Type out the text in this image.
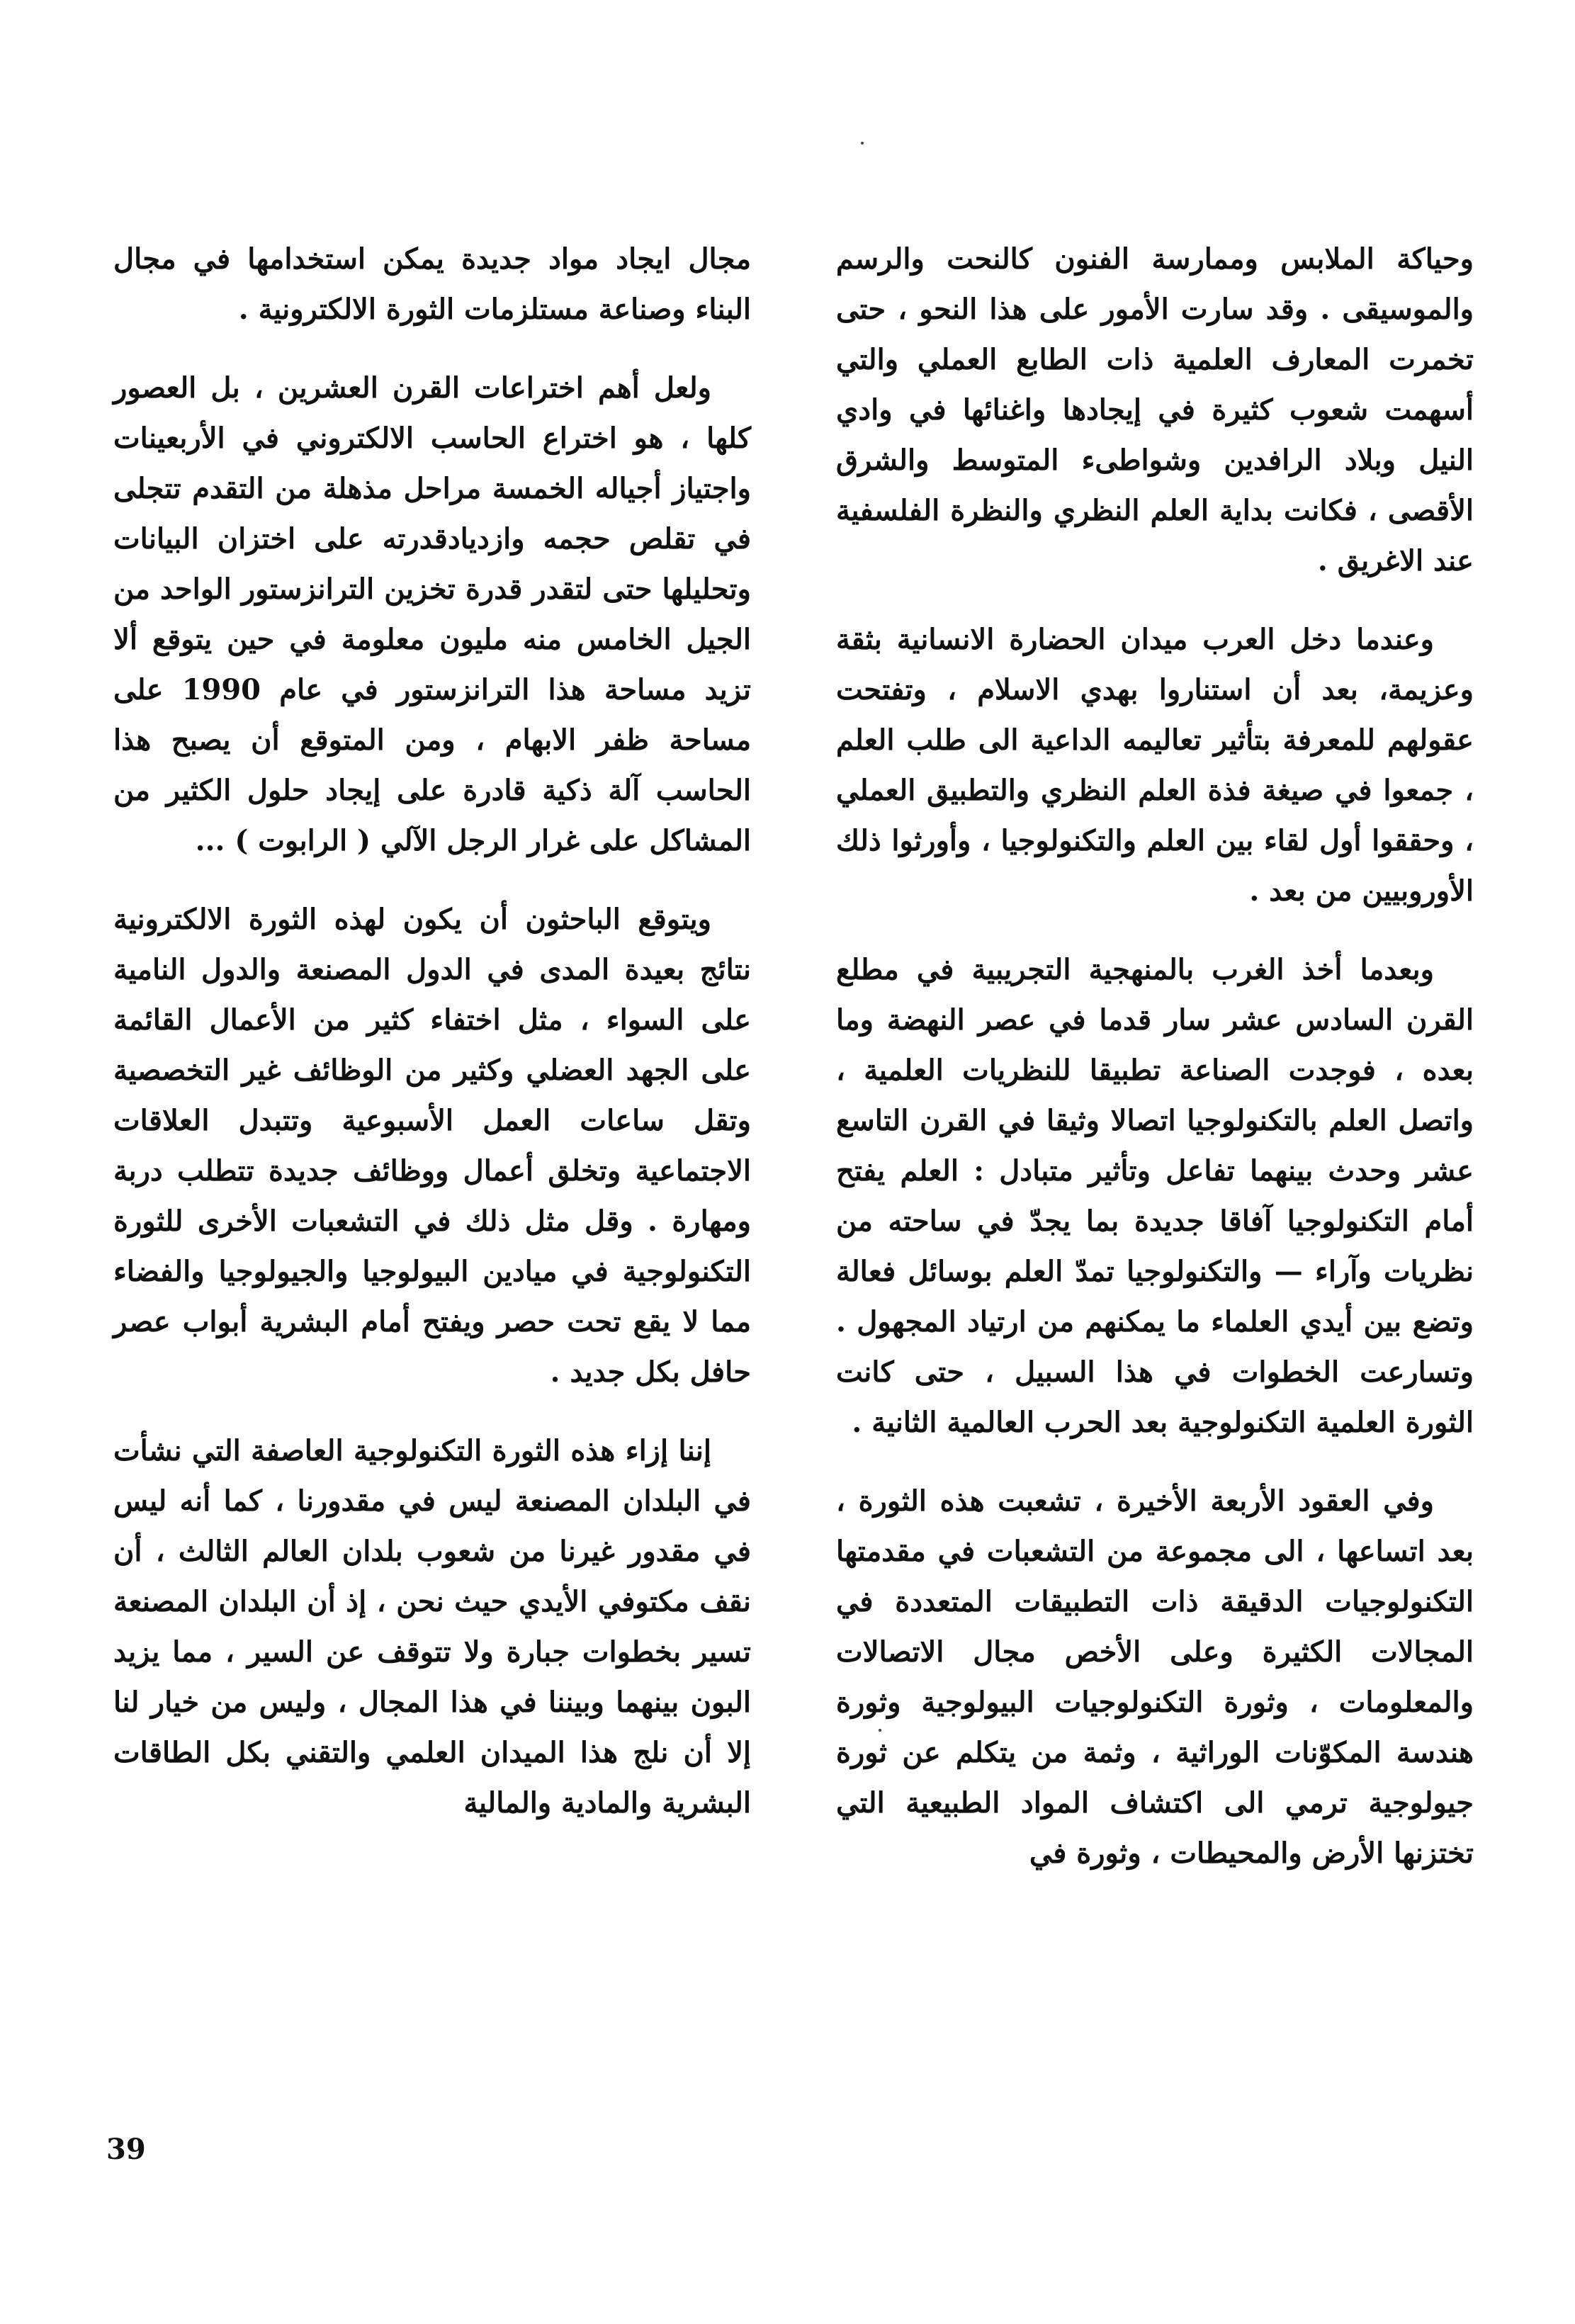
وحياكة الملابس وممارسة الفنون كالنحت والرسم والموسيقى . وقد سارت الأمور على هذا النحو ، حتى تخمرت المعارف العلمية ذات الطابع العملي والتي أسهمت شعوب كثيرة في إيجادها واغنائها في وادي النيل وبلاد الرافدين وشواطىء المتوسط والشرق الأقصى ، فكانت بداية العلم النظري والنظرة الفلسفية عند الاغريق .

وعندما دخل العرب ميدان الحضارة الانسانية بثقة وعزيمة، بعد أن استناروا بهدي الاسلام ، وتفتحت عقولهم للمعرفة بتأثير تعاليمه الداعية الى طلب العلم ، جمعوا في صيغة فذة العلم النظري والتطبيق العملي ، وحققوا أول لقاء بين العلم والتكنولوجيا ، وأورثوا ذلك الأوروبيين من بعد .

وبعدما أخذ الغرب بالمنهجية التجريبية في مطلع القرن السادس عشر سار قدما في عصر النهضة وما بعده ، فوجدت الصناعة تطبيقا للنظريات العلمية ، واتصل العلم بالتكنولوجيا اتصالا وثيقا في القرن التاسع عشر وحدث بينهما تفاعل وتأثير متبادل : العلم يفتح أمام التكنولوجيا آفاقا جديدة بما يجدّ في ساحته من نظريات وآراء — والتكنولوجيا تمدّ العلم بوسائل فعالة وتضع بين أيدي العلماء ما يمكنهم من ارتياد المجهول . وتسارعت الخطوات في هذا السبيل ، حتى كانت الثورة العلمية التكنولوجية بعد الحرب العالمية الثانية .

وفي العقود الأربعة الأخيرة ، تشعبت هذه الثورة ، بعد اتساعها ، الى مجموعة من التشعبات في مقدمتها التكنولوجيات الدقيقة ذات التطبيقات المتعددة في المجالات الكثيرة وعلى الأخص مجال الاتصالات والمعلومات ، وثورة التكنولوجيات البيولوجية وثورة هندسة المكوّنات الوراثية ، وثمة من يتكلم عن ثورة جيولوجية ترمي الى اكتشاف المواد الطبيعية التي تختزنها الأرض والمحيطات ، وثورة في

مجال ايجاد مواد جديدة يمكن استخدامها في مجال البناء وصناعة مستلزمات الثورة الالكترونية .

ولعل أهم اختراعات القرن العشرين ، بل العصور كلها ، هو اختراع الحاسب الالكتروني في الأربعينات واجتياز أجياله الخمسة مراحل مذهلة من التقدم تتجلى في تقلص حجمه وازديادقدرته على اختزان البيانات وتحليلها حتى لتقدر قدرة تخزين الترانزستور الواحد من الجيل الخامس منه مليون معلومة في حين يتوقع ألا تزيد مساحة هذا الترانزستور في عام 1990 على مساحة ظفر الابهام ، ومن المتوقع أن يصبح هذا الحاسب آلة ذكية قادرة على إيجاد حلول الكثير من المشاكل على غرار الرجل الآلي ( الرابوت ) ...

ويتوقع الباحثون أن يكون لهذه الثورة الالكترونية نتائج بعيدة المدى في الدول المصنعة والدول النامية على السواء ، مثل اختفاء كثير من الأعمال القائمة على الجهد العضلي وكثير من الوظائف غير التخصصية وتقل ساعات العمل الأسبوعية وتتبدل العلاقات الاجتماعية وتخلق أعمال ووظائف جديدة تتطلب دربة ومهارة . وقل مثل ذلك في التشعبات الأخرى للثورة التكنولوجية في ميادين البيولوجيا والجيولوجيا والفضاء مما لا يقع تحت حصر ويفتح أمام البشرية أبواب عصر حافل بكل جديد .

إننا إزاء هذه الثورة التكنولوجية العاصفة التي نشأت في البلدان المصنعة ليس في مقدورنا ، كما أنه ليس في مقدور غيرنا من شعوب بلدان العالم الثالث ، أن نقف مكتوفي الأيدي حيث نحن ، إذ أن البلدان المصنعة تسير بخطوات جبارة ولا تتوقف عن السير ، مما يزيد البون بينهما وبيننا في هذا المجال ، وليس من خيار لنا إلا أن نلج هذا الميدان العلمي والتقني بكل الطاقات البشرية والمادية والمالية

39
